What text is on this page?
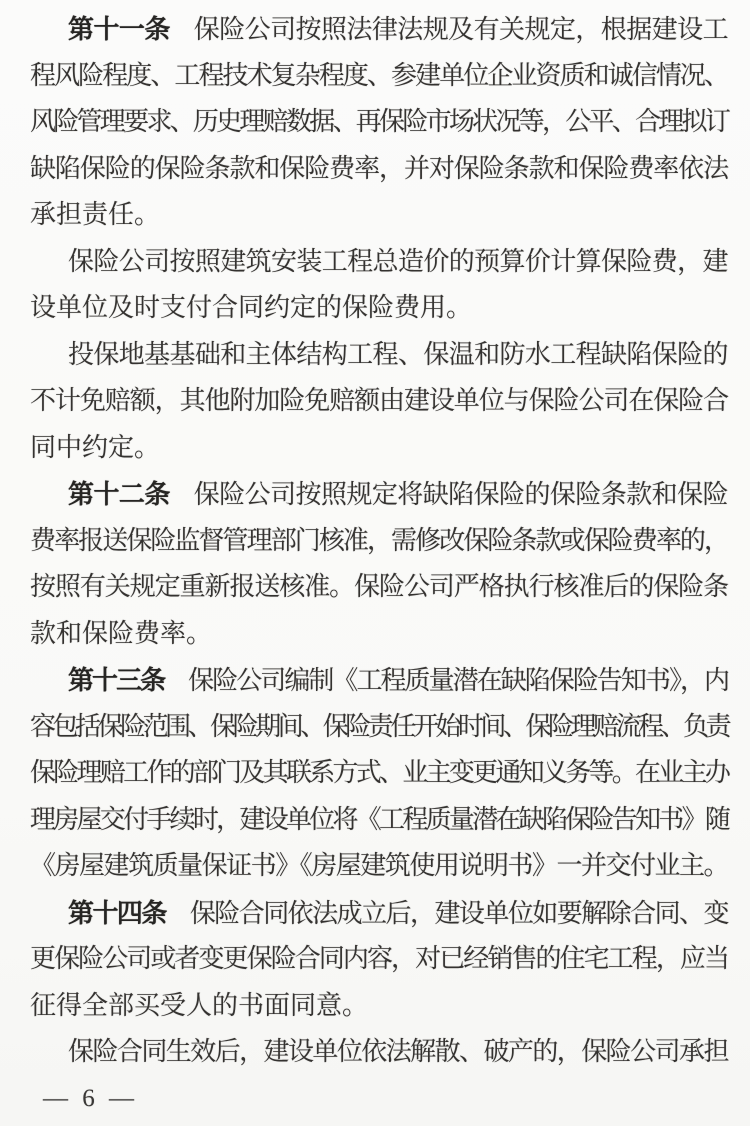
第十一条 保险公司按照法律法规及有关规定，根据建设工
程风险程度、工程技术复杂程度、参建单位企业资质和诚信情况、
风险管理要求、历史理赔数据、再保险市场状况等，公平、合理拟订
缺陷保险的保险条款和保险费率，并对保险条款和保险费率依法
承担责任。
保险公司按照建筑安装工程总造价的预算价计算保险费，建
设单位及时支付合同约定的保险费用。
投保地基基础和主体结构工程、保温和防水工程缺陷保险的
不计免赔额，其他附加险免赔额由建设单位与保险公司在保险合
同中约定。
第十二条 保险公司按照规定将缺陷保险的保险条款和保险
费率报送保险监督管理部门核准，需修改保险条款或保险费率的，
按照有关规定重新报送核准。保险公司严格执行核准后的保险条
款和保险费率。
第十三条 保险公司编制《工程质量潜在缺陷保险告知书》，内
容包括保险范围、保险期间、保险责任开始时间、保险理赔流程、负责
保险理赔工作的部门及其联系方式、业主变更通知义务等。在业主办
理房屋交付手续时，建设单位将《工程质量潜在缺陷保险告知书》随
《房屋建筑质量保证书》《房屋建筑使用说明书》一并交付业主。
第十四条 保险合同依法成立后，建设单位如要解除合同、变
更保险公司或者变更保险合同内容，对已经销售的住宅工程，应当
征得全部买受人的书面同意。
保险合同生效后，建设单位依法解散、破产的，保险公司承担
— 6 —
